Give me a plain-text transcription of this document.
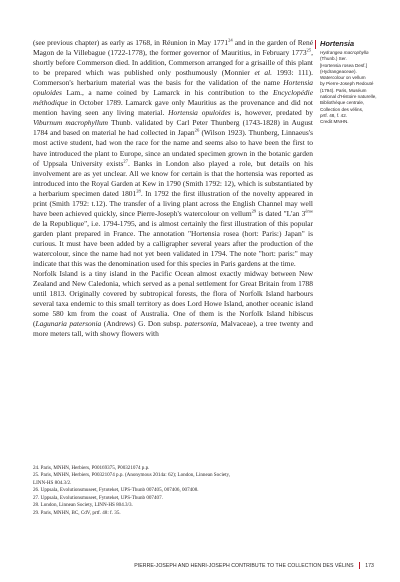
(see previous chapter) as early as 1768, in Réunion in May 1771$^{24}$ and in the garden of René Magon de la Villebague (1722-1778), the former governor of Mauritius, in February 1773$^{25}$, shortly before Commerson died. In addition, Commerson arranged for a grisaille of this plant to be prepared which was published only posthumously (Monnier et al. 1993: 111). Commerson's herbarium material was the basis for the validation of the name Hortensia opuloides Lam., a name coined by Lamarck in his contribution to the Encyclopédie méthodique in October 1789. Lamarck gave only Mauritius as the provenance and did not mention having seen any living material. Hortensia opuloides is, however, predated by Viburnum macrophyllum Thunb. validated by Carl Peter Thunberg (1743-1828) in August 1784 and based on material he had collected in Japan$^{26}$ (Wilson 1923). Thunberg, Linnaeus's most active student, had won the race for the name and seems also to have been the first to have introduced the plant to Europe, since an undated specimen grown in the botanic garden of Uppsala University exists$^{27}$. Banks in London also played a role, but details on his involvement are as yet unclear. All we know for certain is that the hortensia was reported as introduced into the Royal Garden at Kew in 1790 (Smith 1792: 12), which is substantiated by a herbarium specimen dated 1801$^{28}$. In 1792 the first illustration of the novelty appeared in print (Smith 1792: t.12). The transfer of a living plant across the English Channel may well have been achieved quickly, since Pierre-Joseph's watercolour on vellum$^{29}$ is dated "L'an 3ème de la Republique", i.e. 1794-1795, and is almost certainly the first illustration of this popular garden plant prepared in France. The annotation "Hortensia rosea (hort: Paris:) Japan" is curious. It must have been added by a calligrapher several years after the production of the watercolour, since the name had not yet been validated in 1794. The note "hort: paris:" may indicate that this was the denomination used for this species in Paris gardens at the time.

Norfolk Island is a tiny island in the Pacific Ocean almost exactly midway between New Zealand and New Caledonia, which served as a penal settlement for Great Britain from 1788 until 1813. Originally covered by subtropical forests, the flora of Norfolk Island harbours several taxa endemic to this small territory as does Lord Howe Island, another oceanic island some 580 km from the coast of Australia. One of them is the Norfolk Island hibiscus (Lagunaria patersonia (Andrews) G. Don subsp. patersonia, Malvaceae), a tree twenty and more meters tall, with showy flowers with

Hortensia
Hydrangea macrophylla
(Thunb.) Ser.
[Hortensia rosea Desf.]
(Hydrangeaceae).
Watercolour on vellum
by Pierre-Joseph Redouté
(1794). Paris, Muséum
national d'Histoire naturelle,
Bibliothèque centrale,
Collection des vélins,
prtf. 48, f. 42.
Credit MNHN.
24. Paris, MNHN, Herbiers, P00169375, P00321074 p.p.
25. Paris, MNHN, Herbiers, P00321074 p.p. (Anonymous 2014a: 62); London, Linnean Society,
LINN-HS 804.3/2.
26. Uppsala, Evolutionsmuseet, Fytoteket, UPS-Thunb 007405, 007406, 007408.
27. Uppsala, Evolutionsmuseet, Fytoteket, UPS-Thunb 007407.
28. London, Linnean Society, LINN-HS 804.3/3.
29. Paris, MNHN, BC, CdV, prtf. 48: f. 35.
PIERRE-JOSEPH AND HENRI-JOSEPH CONTRIBUTE TO THE COLLECTION DES VÉLINS 173
